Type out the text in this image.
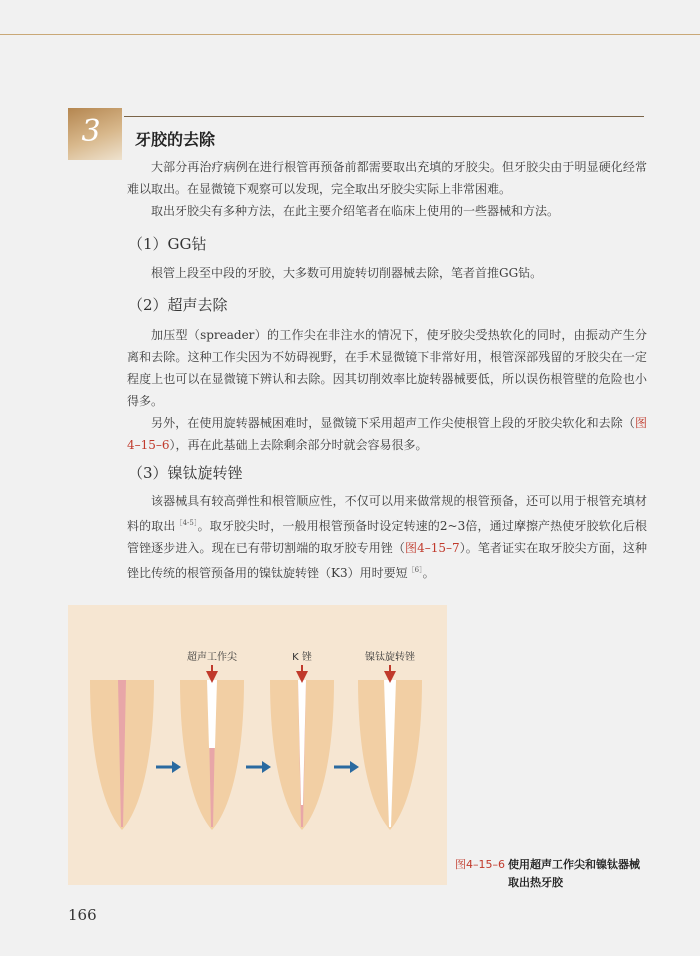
3	牙胶的去除

大部分再治疗病例在进行根管再预备前都需要取出充填的牙胶尖。但牙胶尖由于明显硬化经常难以取出。在显微镜下观察可以发现，完全取出牙胶尖实际上非常困难。

取出牙胶尖有多种方法，在此主要介绍笔者在临床上使用的一些器械和方法。

（1）GG钻

根管上段至中段的牙胶，大多数可用旋转切削器械去除，笔者首推GG钻。

（2）超声去除

加压型（spreader）的工作尖在非注水的情况下，使牙胶尖受热软化的同时，由振动产生分离和去除。这种工作尖因为不妨碍视野，在手术显微镜下非常好用，根管深部残留的牙胶尖在一定程度上也可以在显微镜下辨认和去除。因其切削效率比旋转器械要低，所以误伤根管壁的危险也小得多。

另外，在使用旋转器械困难时，显微镜下采用超声工作尖使根管上段的牙胶尖软化和去除（图4–15–6），再在此基础上去除剩余部分时就会容易很多。

（3）镍钛旋转锉

该器械具有较高弹性和根管顺应性，不仅可以用来做常规的根管预备，还可以用于根管充填材料的取出$^{[4-5]}$。取牙胶尖时，一般用根管预备时设定转速的2~3倍，通过摩擦产热使牙胶软化后根管锉逐步进入。现在已有带切割端的取牙胶专用锉（图4–15–7）。笔者证实在取牙胶尖方面，这种锉比传统的根管预备用的镍钛旋转锉（K3）用时要短$^{[6]}$。

超声工作尖	K 锉	镍钛旋转锉
图4–15–6 使用超声工作尖和镍钛器械取出热牙胶
166
